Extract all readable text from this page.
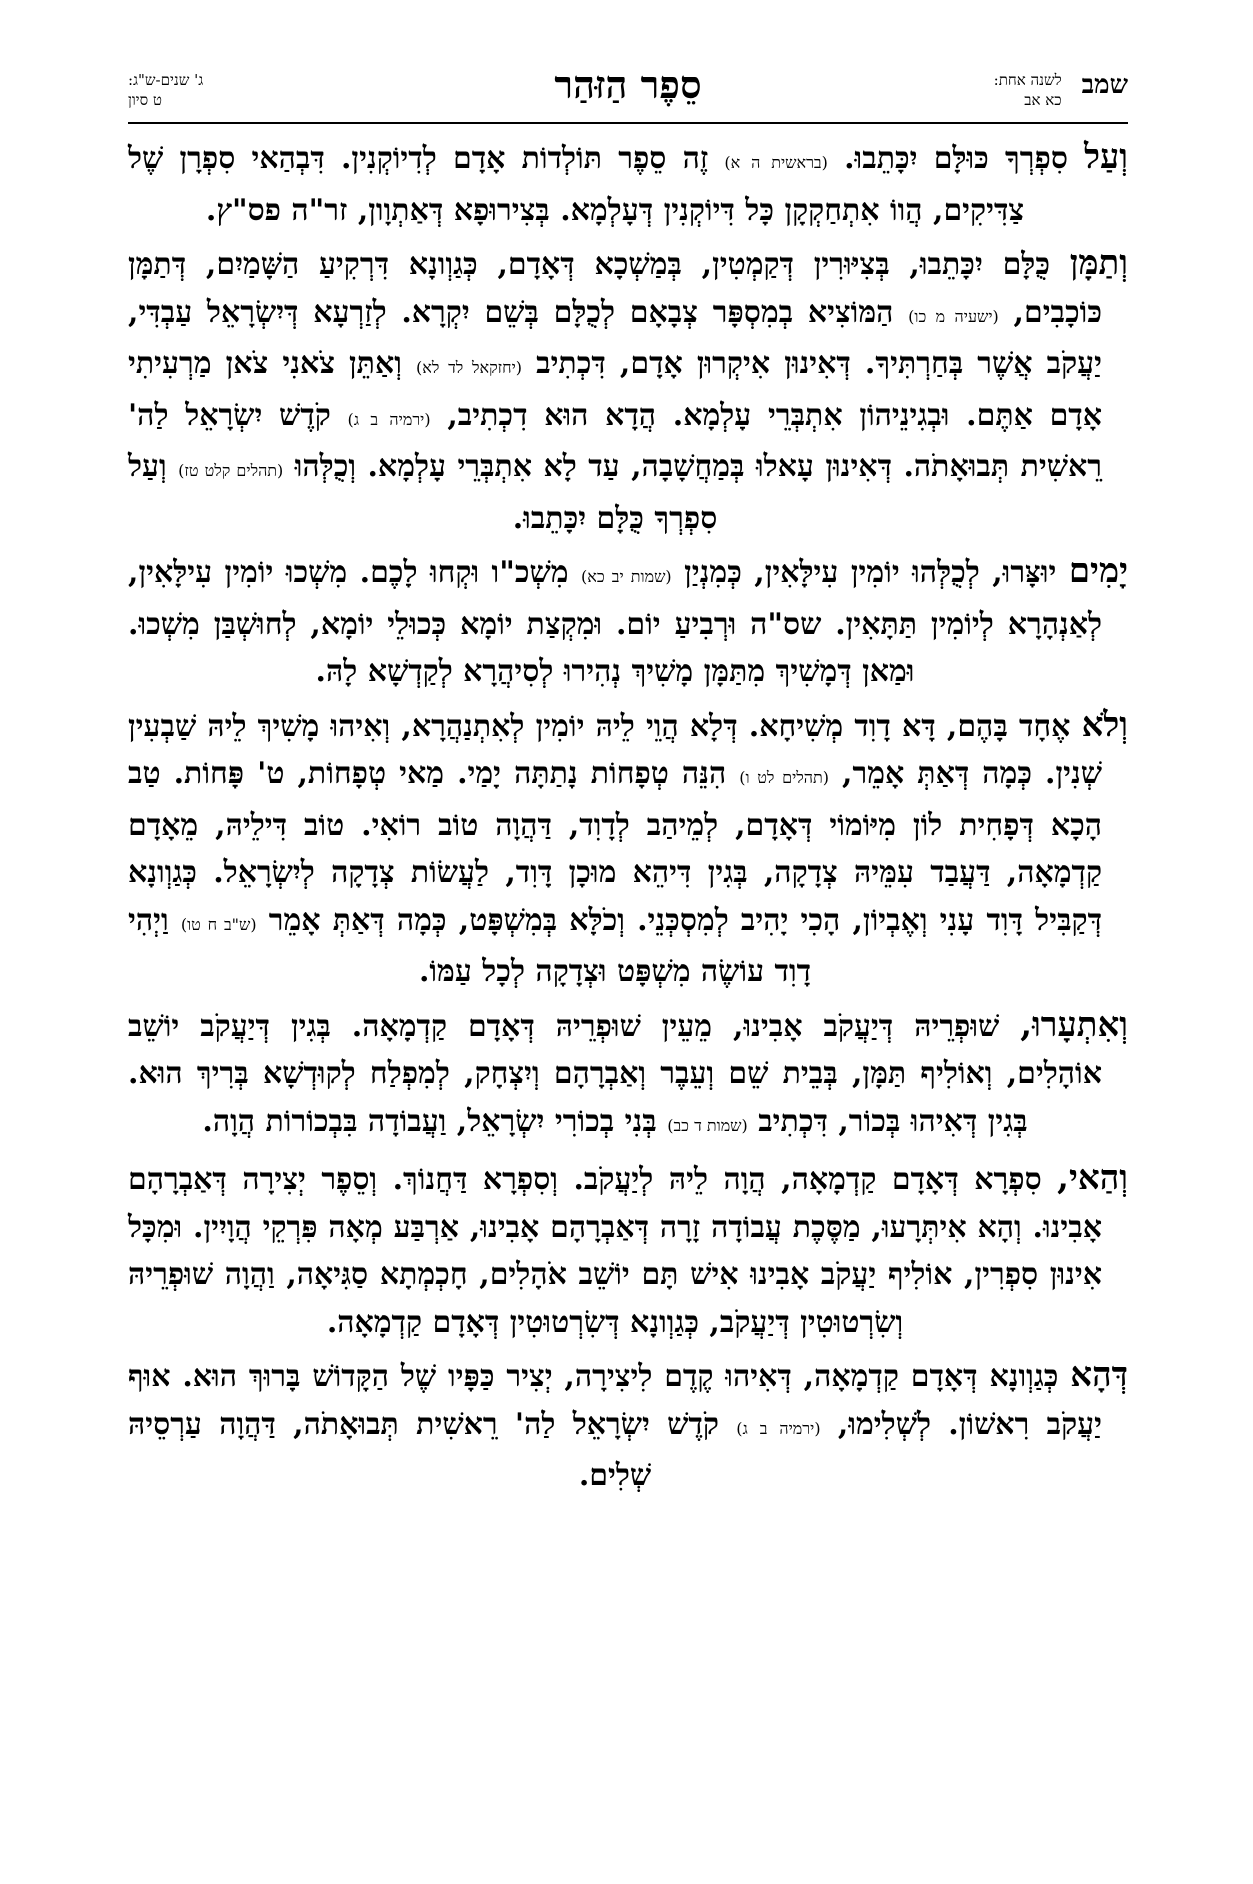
שמב
לשנה אחת:
כא אב
סֵפֶר הַזּהַר
ג' שנים-ש"ג:
ט סיון

וְעַל סִפְרְךָ כּוּלָּם יִכָּתֵבוּ. (בראשית ה א) זֶה סֵפֶר תּוֹלְדוֹת אָדָם לְדִיוֹקְנִין. דִּבְהַאי סִפְרָן שֶׁל צַדִּיקִים, הֲווֹ אִתְחַקְקָן כָּל דִּיוֹקְנִין דְּעָלְמָא. בְּצִירוּפָא דְּאַתְוָון, זר"ה פס"ץ.

וְתַמָּן כֻּלָּם יִכָּתֵבוּ, בְּצִיּוּרִין דְּקַמְטִין, בְּמַשְׁכָא דְּאָדָם, כְּגַוְונָא דִּרְקִיעַ הַשָּׁמַיִם, דְּתַמָּן כּוֹכָבִים, (ישעיה מ כו) הַמּוֹצִיא בְמִסְפָּר צְבָאָם לְכֻלָּם בְּשֵׁם יִקְרָא. לְזַרְעָא דְּיִשְׂרָאֵל עַבְדִּי, יַעֲקֹב אֲשֶׁר בְּחַרְתִּיךָ. דְּאִינוּן אִיקְרוּן אָדָם, דִּכְתִיב (יחזקאל לד לא) וְאַתֵּן צֹאנִי צֹאן מַרְעִיתִי אָדָם אַתֶּם. וּבְגִינֵיהוֹן אִתְבְּרֵי עָלְמָא. הֲדָא הוּא דִכְתִיב, (ירמיה ב ג) קֹדֶשׁ יִשְׂרָאֵל לַה' רֵאשִׁית תְּבוּאָתֹה. דְּאִינוּן עָאלוּ בְּמַחֲשָׁבָה, עַד לָא אִתְבְּרֵי עָלְמָא. וְכֻלְּהוּ (תהלים קלט טז) וְעַל סִפְרְךָ כֻּלָּם יִכָּתֵבוּ.

יָמִים יוּצָּרוּ, לְכֻלְּהוּ יוֹמִין עִילָּאִין, כְּמִנְיַן (שמות יב כא) מִשְׁכ"ו וּקְחוּ לָכֶם. מִשְׁכוּ יוֹמִין עִילָּאִין, לְאַנְהָרָא לְיוֹמִין תַּתָּאִין. שס"ה וּרְבִיעַ יוֹם. וּמִקְצַת יוֹמָא כְּכוּלֵי יוֹמָא, לְחוּשְׁבַּן מִשְׁכוּ. וּמַאן דְּמָשִׁיךְ מִתַּמָּן מָשִׁיךְ נְהִירוּ לְסִיהֲרָא לְקַדְשָׁא לָהּ.

וְלֹא אֶחָד בָּהֶם, דָּא דָוִד מְשִׁיחָא. דְּלָא הֲוֵי לֵיהּ יוֹמִין לְאִתְנַהֲרָא, וְאִיהוּ מָשִׁיךְ לֵיהּ שַׁבְעִין שְׁנִין. כְּמָה דְּאַתְּ אָמֵר, (תהלים לט ו) הִנֵּה טְפָחוֹת נָתַתָּה יָמַי. מַאי טְפָחוֹת, ט' פָּחוֹת. טַב הָכָא דְּפָחִית לוֹן מִיּוֹמוֹי דְּאָדָם, לְמֵיהַב לְדָוִד, דַּהֲוָה טוֹב רוֹאִי. טוֹב דִּילֵיהּ, מֵאָדָם קַדְמָאָה, דַּעֲבַד עִמֵּיהּ צְדָקָה, בְּגִין דִּיהֵא מוּכָן דָּוִד, לַעֲשׂוֹת צְדָקָה לְיִשְׂרָאֵל. כְּגַוְונָא דְּקַבִּיל דָּוִד עָנִי וְאֶבְיוֹן, הָכִי יָהִיב לְמִסְכְּנֵי. וְכֹלָּא בְּמִשְׁפָּט, כְּמָה דְּאַתְּ אָמֵר (ש"ב ח טו) וַיְהִי דָוִד עוֹשֶׂה מִשְׁפָּט וּצְדָקָה לְכָל עַמּוֹ.

וְאִתְעָרוּ, שׁוּפְרֵיהּ דְּיַעֲקֹב אָבִינוּ, מֵעֵין שׁוּפְרֵיהּ דְּאָדָם קַדְמָאָה. בְּגִין דְּיַעֲקֹב יוֹשֵׁב אוֹהָלִים, וְאוֹלִיף תַּמָּן, בְּבֵית שֵׁם וְעֵבֶר וְאַבְרָהָם וְיִצְחָק, לְמִפְלַח לְקוּדְשָׁא בְּרִיךְ הוּא. בְּגִין דְּאִיהוּ בְּכוֹר, דִּכְתִיב (שמות ד כב) בְּנִי בְכוֹרִי יִשְׂרָאֵל, וַעֲבוֹדָה בִּבְכוֹרוֹת הֲוָה.

וְהַאי, סִפְרָא דְּאָדָם קַדְמָאָה, הֲוָה לֵיהּ לְיַעֲקֹב. וְסִפְרָא דַּחֲנוֹךְ. וְסֵפֶר יְצִירָה דְּאַבְרָהָם אָבִינוּ. וְהָא אִיתְּרָעוּ, מַסֶּכֶת עֲבוֹדָה זָרָה דְּאַבְרָהָם אָבִינוּ, אַרְבַּע מְאָה פִּרְקֵי הֲוָיִין. וּמִכָּל אִינוּן סִפְרִין, אוֹלִיף יַעֲקֹב אָבִינוּ אִישׁ תָּם יוֹשֵׁב אֹהָלִים, חָכְמְתָא סַגִּיאָה, וַהֲוָה שׁוּפְרֵיהּ וְשִׂרְטוּטִין דְּיַעֲקֹב, כְּגַוְונָא דְּשִׂרְטוּטִין דְּאָדָם קַדְמָאָה.

דְּהָא כְּגַוְונָא דְּאָדָם קַדְמָאָה, דְּאִיהוּ קֶדֶם לִיצִירָה, יְצִיר כַּפָּיו שֶׁל הַקָּדוֹשׁ בָּרוּךְ הוּא. אוּף יַעֲקֹב רִאשׁוֹן. לְשְׁלִימוּ, (ירמיה ב ג) קֹדֶשׁ יִשְׂרָאֵל לַה' רֵאשִׁית תְּבוּאָתֹה, דַּהֲוָה עַרְסֵיהּ שְׁלִים.
